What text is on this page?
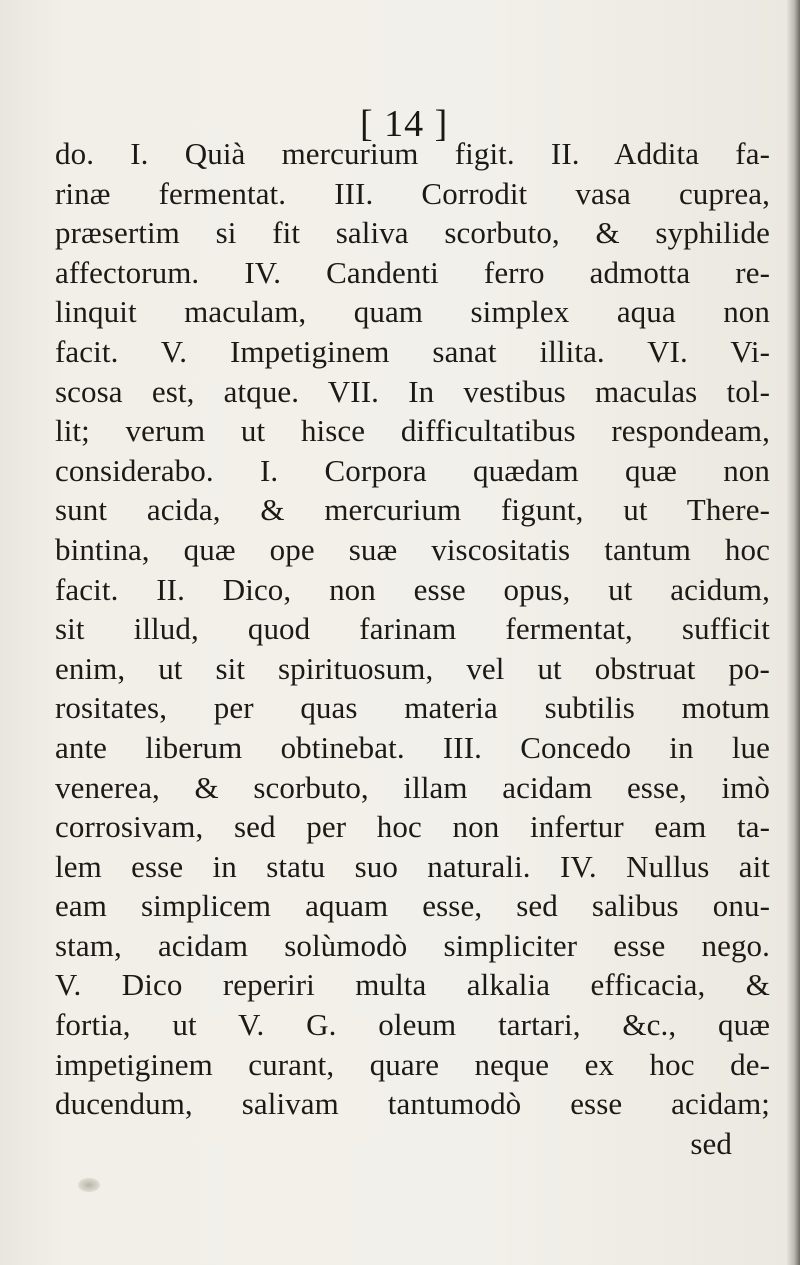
[ 14 ]
do. I. Quià mercurium figit. II. Addita fa-
rinæ fermentat. III. Corrodit vasa cuprea,
præsertim si fit saliva scorbuto, & syphilide
affectorum. IV. Candenti ferro admotta re-
linquit maculam, quam simplex aqua non
facit. V. Impetiginem sanat illita. VI. Vi-
scosa est, atque. VII. In vestibus maculas tol-
lit; verum ut hisce difficultatibus respondeam,
considerabo. I. Corpora quædam quæ non
sunt acida, & mercurium figunt, ut There-
bintina, quæ ope suæ viscositatis tantum hoc
facit. II. Dico, non esse opus, ut acidum,
sit illud, quod farinam fermentat, sufficit
enim, ut sit spirituosum, vel ut obstruat po-
rositates, per quas materia subtilis motum
ante liberum obtinebat. III. Concedo in lue
venerea, & scorbuto, illam acidam esse, imò
corrosivam, sed per hoc non infertur eam ta-
lem esse in statu suo naturali. IV. Nullus ait
eam simplicem aquam esse, sed salibus onu-
stam, acidam solùmodò simpliciter esse nego.
V. Dico reperiri multa alkalia efficacia, &
fortia, ut V. G. oleum tartari, &c., quæ
impetiginem curant, quare neque ex hoc de-
ducendum, salivam tantumodò esse acidam;
sed
